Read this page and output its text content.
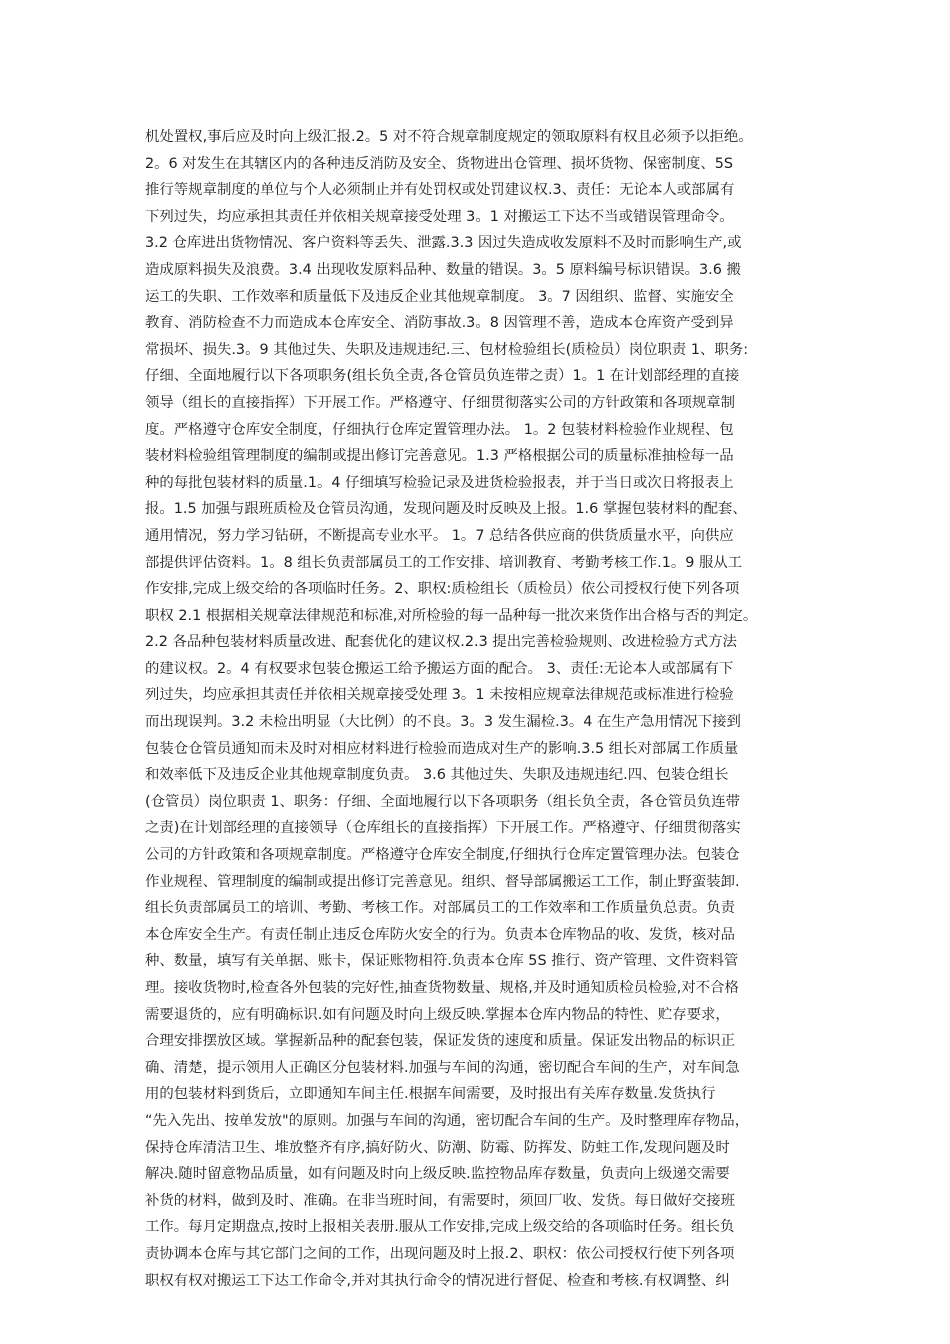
机处置权,事后应及时向上级汇报.2。5 对不符合规章制度规定的领取原料有权且必须予以拒绝。
2。6 对发生在其辖区内的各种违反消防及安全、货物进出仓管理、损坏货物、保密制度、5S
推行等规章制度的单位与个人必须制止并有处罚权或处罚建议权.3、责任：无论本人或部属有
下列过失，均应承担其责任并依相关规章接受处理 3。1 对搬运工下达不当或错误管理命令。
3.2 仓库进出货物情况、客户资料等丢失、泄露.3.3 因过失造成收发原料不及时而影响生产,或
造成原料损失及浪费。3.4 出现收发原料品种、数量的错误。3。5 原料编号标识错误。3.6 搬
运工的失职、工作效率和质量低下及违反企业其他规章制度。 3。7 因组织、监督、实施安全
教育、消防检查不力而造成本仓库安全、消防事故.3。8 因管理不善，造成本仓库资产受到异
常损坏、损失.3。9 其他过失、失职及违规违纪.三、包材检验组长(质检员）岗位职责 1、职务:
仔细、全面地履行以下各项职务(组长负全责,各仓管员负连带之责）1。1 在计划部经理的直接
领导（组长的直接指挥）下开展工作。严格遵守、仔细贯彻落实公司的方针政策和各项规章制
度。严格遵守仓库安全制度，仔细执行仓库定置管理办法。 1。2 包装材料检验作业规程、包
装材料检验组管理制度的编制或提出修订完善意见。1.3 严格根据公司的质量标准抽检每一品
种的每批包装材料的质量.1。4 仔细填写检验记录及进货检验报表，并于当日或次日将报表上
报。1.5 加强与跟班质检及仓管员沟通，发现问题及时反映及上报。1.6 掌握包装材料的配套、
通用情况，努力学习钻研，不断提高专业水平。 1。7 总结各供应商的供货质量水平，向供应
部提供评估资料。1。8 组长负责部属员工的工作安排、培训教育、考勤考核工作.1。9 服从工
作安排,完成上级交给的各项临时任务。2、职权:质检组长（质检员）依公司授权行使下列各项
职权 2.1 根据相关规章法律规范和标准,对所检验的每一品种每一批次来货作出合格与否的判定。
2.2 各品种包装材料质量改进、配套优化的建议权.2.3 提出完善检验规则、改进检验方式方法
的建议权。2。4 有权要求包装仓搬运工给予搬运方面的配合。 3、责任:无论本人或部属有下
列过失，均应承担其责任并依相关规章接受处理 3。1 未按相应规章法律规范或标准进行检验
而出现误判。3.2 未检出明显（大比例）的不良。3。3 发生漏检.3。4 在生产急用情况下接到
包装仓仓管员通知而未及时对相应材料进行检验而造成对生产的影响.3.5 组长对部属工作质量
和效率低下及违反企业其他规章制度负责。 3.6 其他过失、失职及违规违纪.四、包装仓组长
(仓管员）岗位职责 1、职务：仔细、全面地履行以下各项职务（组长负全责，各仓管员负连带
之责)在计划部经理的直接领导（仓库组长的直接指挥）下开展工作。严格遵守、仔细贯彻落实
公司的方针政策和各项规章制度。严格遵守仓库安全制度,仔细执行仓库定置管理办法。包装仓
作业规程、管理制度的编制或提出修订完善意见。组织、督导部属搬运工工作，制止野蛮装卸.
组长负责部属员工的培训、考勤、考核工作。对部属员工的工作效率和工作质量负总责。负责
本仓库安全生产。有责任制止违反仓库防火安全的行为。负责本仓库物品的收、发货，核对品
种、数量，填写有关单据、账卡，保证账物相符.负责本仓库 5S 推行、资产管理、文件资料管
理。接收货物时,检查各外包装的完好性,抽查货物数量、规格,并及时通知质检员检验,对不合格
需要退货的，应有明确标识.如有问题及时向上级反映.掌握本仓库内物品的特性、贮存要求，
合理安排摆放区域。掌握新品种的配套包装，保证发货的速度和质量。保证发出物品的标识正
确、清楚，提示领用人正确区分包装材料.加强与车间的沟通，密切配合车间的生产，对车间急
用的包装材料到货后，立即通知车间主任.根据车间需要，及时报出有关库存数量.发货执行
“先入先出、按单发放"的原则。加强与车间的沟通，密切配合车间的生产。及时整理库存物品，
保持仓库清洁卫生、堆放整齐有序,搞好防火、防潮、防霉、防挥发、防蛀工作,发现问题及时
解决.随时留意物品质量，如有问题及时向上级反映.监控物品库存数量，负责向上级递交需要
补货的材料，做到及时、准确。在非当班时间，有需要时，须回厂收、发货。每日做好交接班
工作。每月定期盘点,按时上报相关表册.服从工作安排,完成上级交给的各项临时任务。组长负
责协调本仓库与其它部门之间的工作，出现问题及时上报.2、职权：依公司授权行使下列各项
职权有权对搬运工下达工作命令,并对其执行命令的情况进行督促、检查和考核.有权调整、纠
